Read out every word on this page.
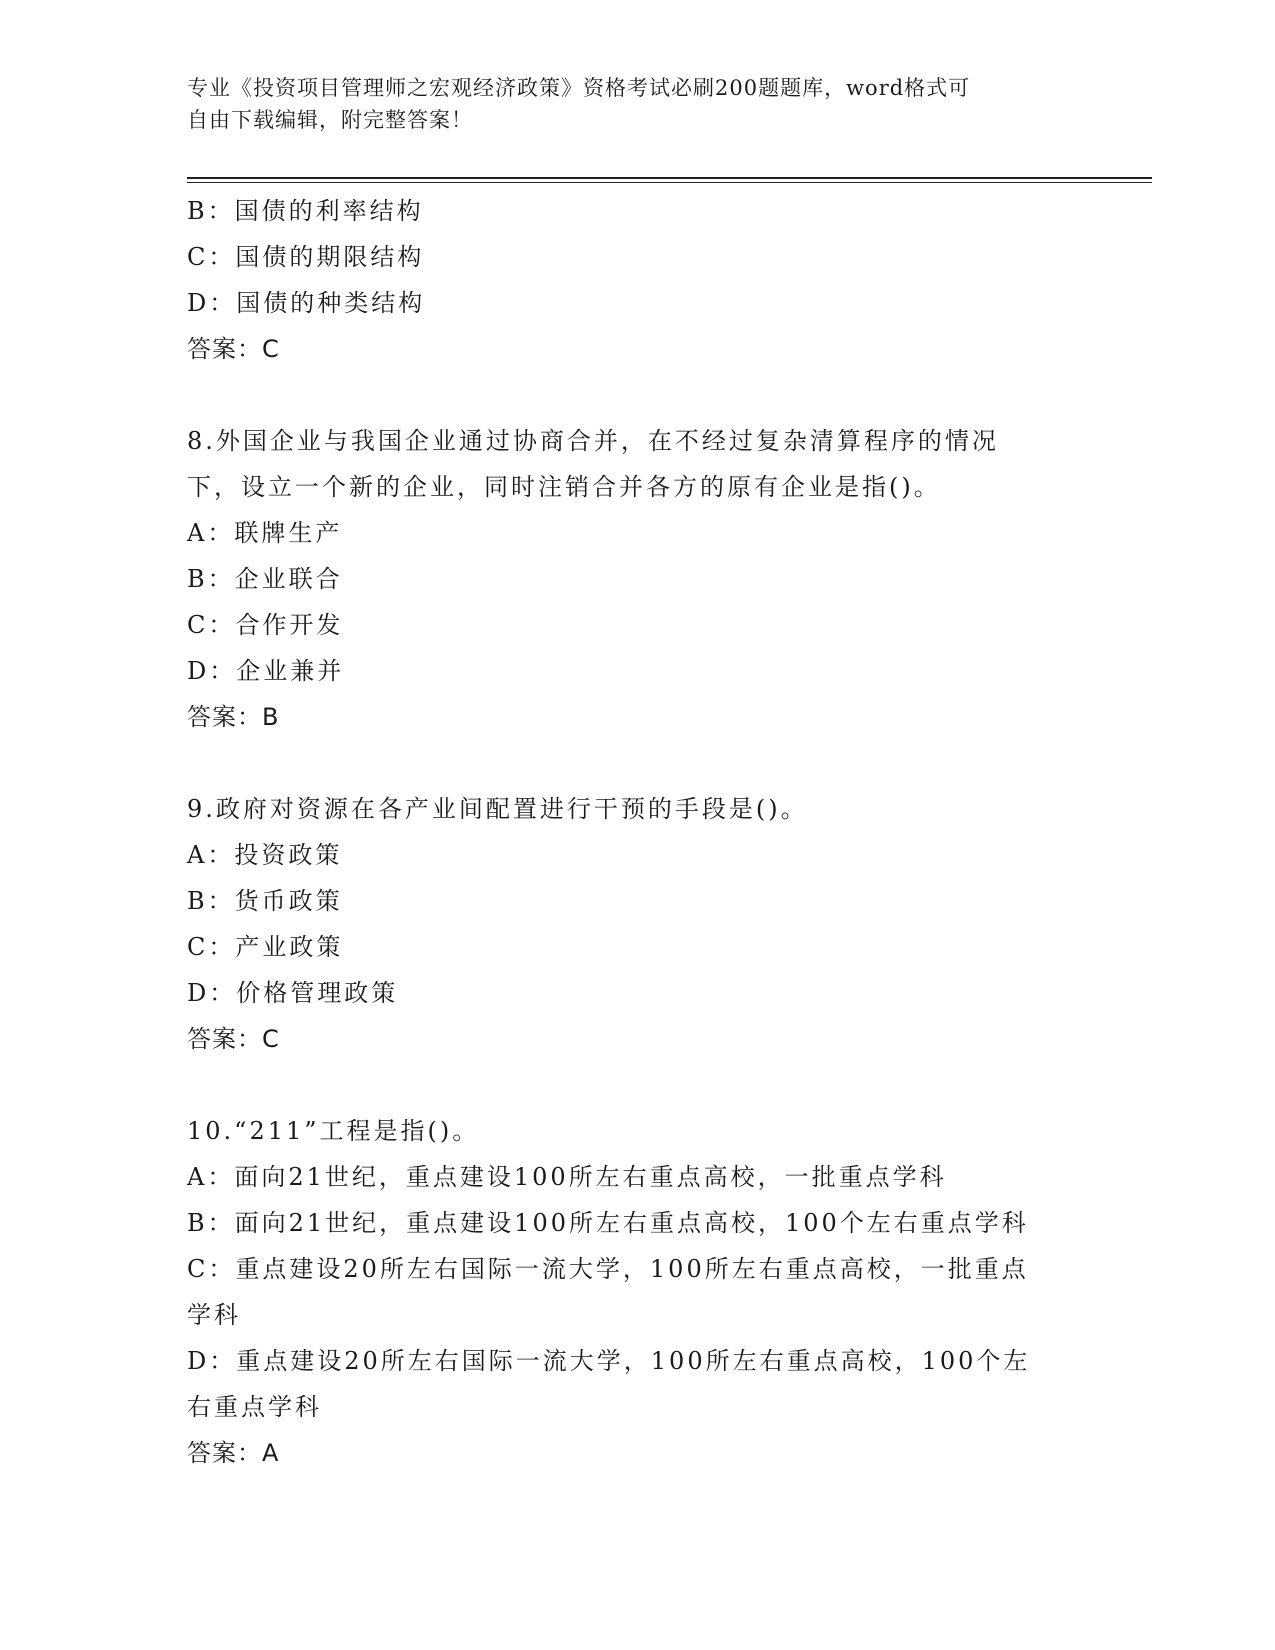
专业《投资项目管理师之宏观经济政策》资格考试必刷200题题库，word格式可
自由下载编辑，附完整答案！
B：国债的利率结构
C：国债的期限结构
D：国债的种类结构
答案：C
8.外国企业与我国企业通过协商合并，在不经过复杂清算程序的情况
下，设立一个新的企业，同时注销合并各方的原有企业是指()。
A：联牌生产
B：企业联合
C：合作开发
D：企业兼并
答案：B
9.政府对资源在各产业间配置进行干预的手段是()。
A：投资政策
B：货币政策
C：产业政策
D：价格管理政策
答案：C
10.“211”工程是指()。
A：面向21世纪，重点建设100所左右重点高校，一批重点学科
B：面向21世纪，重点建设100所左右重点高校，100个左右重点学科
C：重点建设20所左右国际一流大学，100所左右重点高校，一批重点
学科
D：重点建设20所左右国际一流大学，100所左右重点高校，100个左
右重点学科
答案：A
